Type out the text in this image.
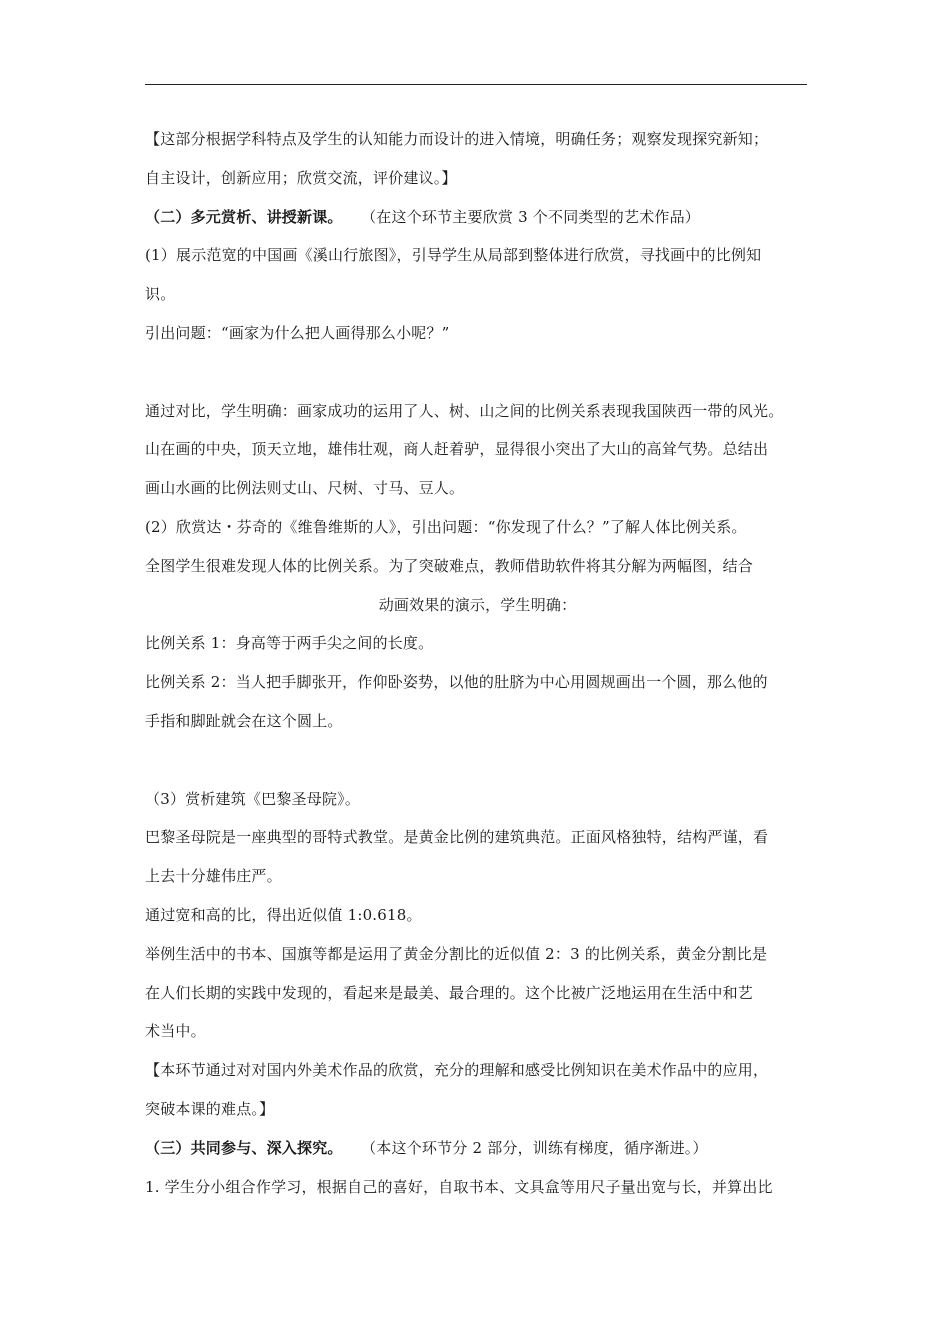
【这部分根据学科特点及学生的认知能力而设计的进入情境，明确任务；观察发现探究新知；

自主设计，创新应用；欣赏交流，评价建议。】

（二）多元赏析、讲授新课。 （在这个环节主要欣赏 3 个不同类型的艺术作品）

(1）展示范宽的中国画《溪山行旅图》，引导学生从局部到整体进行欣赏，寻找画中的比例知

识。

引出问题：“画家为什么把人画得那么小呢？”

通过对比，学生明确：画家成功的运用了人、树、山之间的比例关系表现我国陕西一带的风光。

山在画的中央，顶天立地，雄伟壮观，商人赶着驴，显得很小突出了大山的高耸气势。总结出

画山水画的比例法则丈山、尺树、寸马、豆人。

(2）欣赏达・芬奇的《维鲁维斯的人》，引出问题：“你发现了什么？”了解人体比例关系。

全图学生很难发现人体的比例关系。为了突破难点，教师借助软件将其分解为两幅图，结合

动画效果的演示，学生明确：

比例关系 1：身高等于两手尖之间的长度。

比例关系 2：当人把手脚张开，作仰卧姿势，以他的肚脐为中心用圆规画出一个圆，那么他的

手指和脚趾就会在这个圆上。

（3）赏析建筑《巴黎圣母院》。

巴黎圣母院是一座典型的哥特式教堂。是黄金比例的建筑典范。正面风格独特，结构严谨，看

上去十分雄伟庄严。

通过宽和高的比，得出近似值 1:0.618。

举例生活中的书本、国旗等都是运用了黄金分割比的近似值 2：3 的比例关系，黄金分割比是

在人们长期的实践中发现的，看起来是最美、最合理的。这个比被广泛地运用在生活中和艺

术当中。

【本环节通过对对国内外美术作品的欣赏，充分的理解和感受比例知识在美术作品中的应用，

突破本课的难点。】

（三）共同参与、深入探究。 （本这个环节分 2 部分，训练有梯度，循序渐进。）

1. 学生分小组合作学习，根据自己的喜好，自取书本、文具盒等用尺子量出宽与长，并算出比
